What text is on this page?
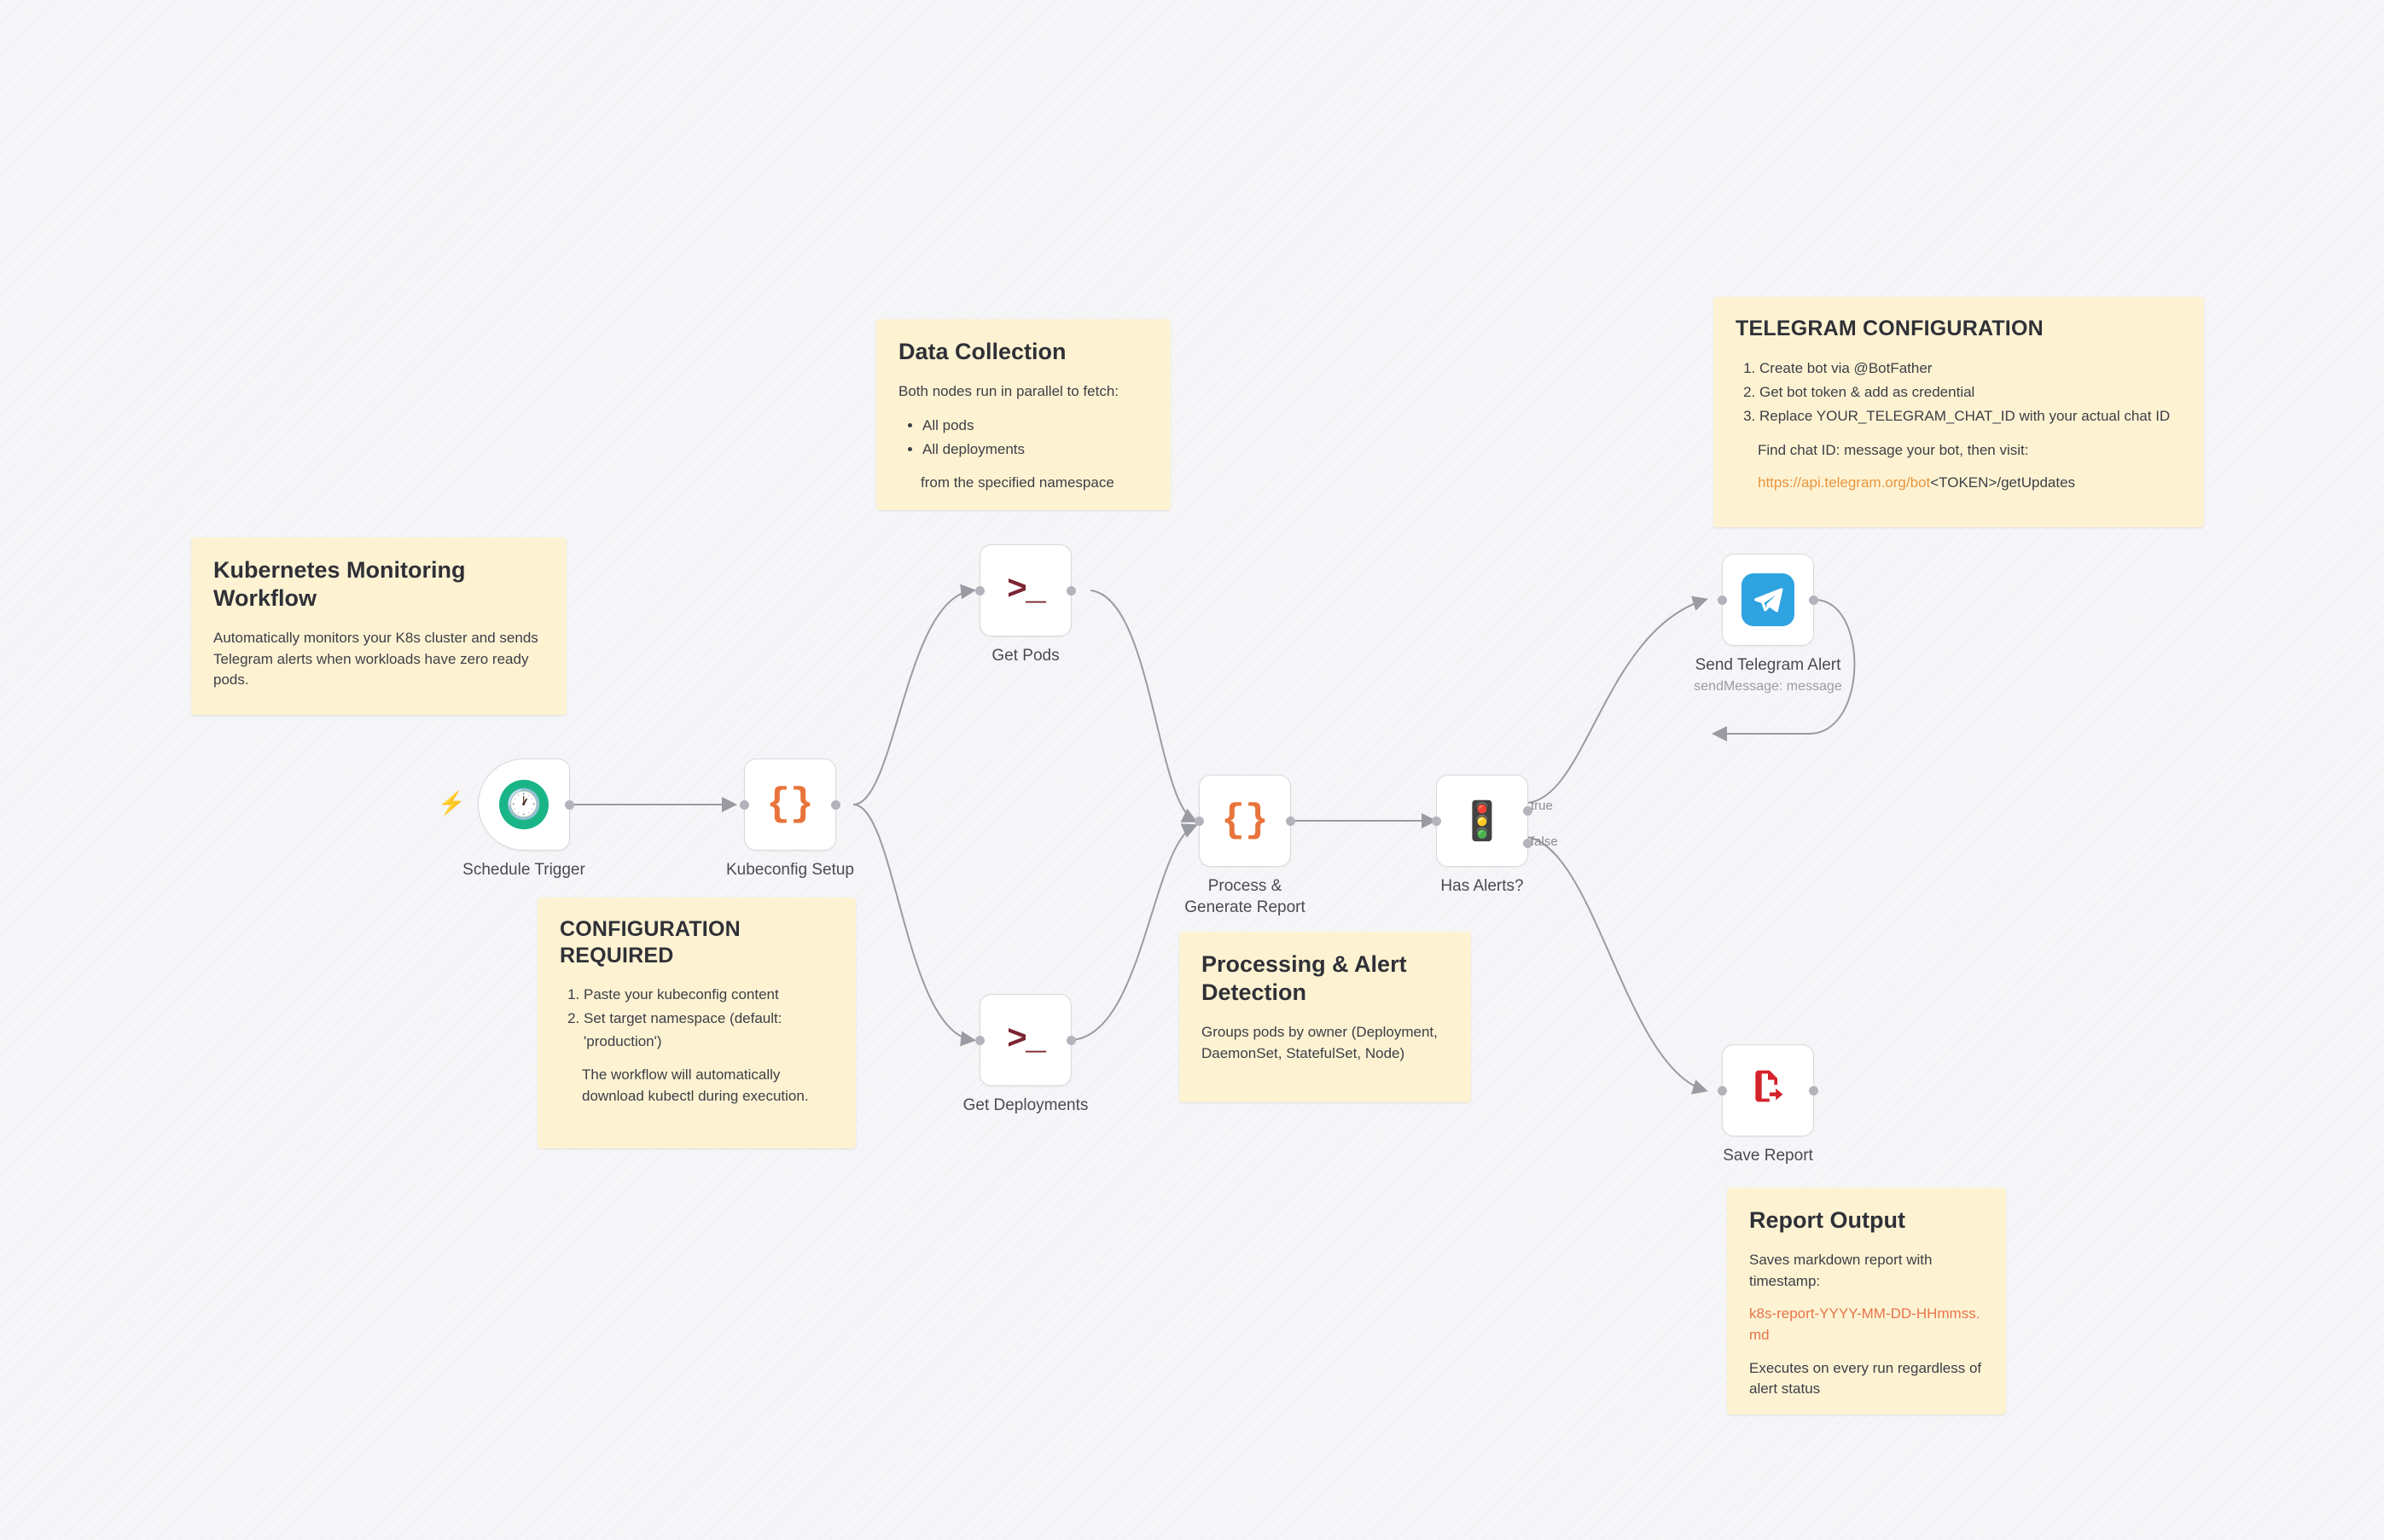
Kubernetes Monitoring Workflow

Automatically monitors your K8s cluster and sends Telegram alerts when workloads have zero ready pods.

Data Collection

Both nodes run in parallel to fetch:

• All pods
• All deployments

from the specified namespace

TELEGRAM CONFIGURATION
1. Create bot via @BotFather
2. Get bot token & add as credential
3. Replace YOUR_TELEGRAM_CHAT_ID with your actual chat ID

Find chat ID: message your bot, then visit:

https://api.telegram.org/bot<TOKEN>/getUpdates

CONFIGURATION REQUIRED
1. Paste your kubeconfig content
2. Set target namespace (default: 'production')

The workflow will automatically download kubectl during execution.

Processing & Alert Detection

Groups pods by owner (Deployment, DaemonSet, StatefulSet, Node)

Report Output

Saves markdown report with timestamp:

k8s-report-YYYY-MM-DD-HHmmss.md

Executes on every run regardless of alert status

⚡ 🕐
Schedule Trigger
{}
Kubeconfig Setup
>_
Get Pods
>_
Get Deployments
{}
Process & Generate Report
🚦 true
false
Has Alerts?
Send Telegram Alert
sendMessage: message
Save Report
